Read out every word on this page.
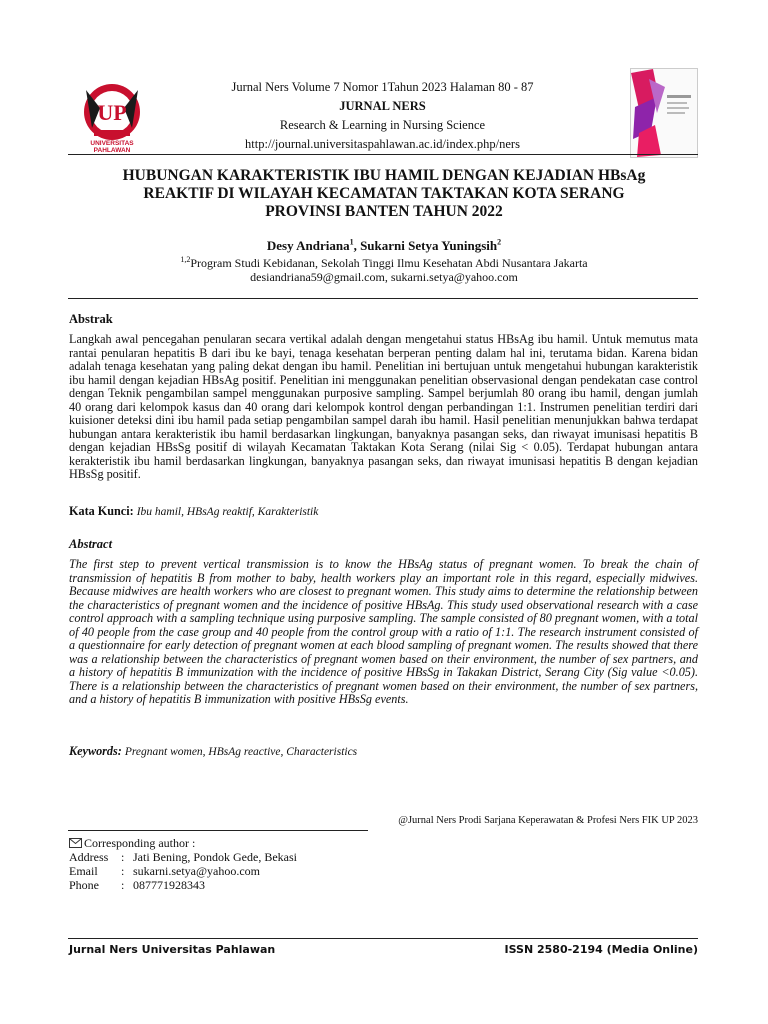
UP
UNIVERSITAS PAHLAWAN
Jurnal Ners Volume 7 Nomor 1Tahun 2023 Halaman 80 - 87
JURNAL NERS
Research & Learning in Nursing Science
http://journal.universitaspahlawan.ac.id/index.php/ners
HUBUNGAN KARAKTERISTIK IBU HAMIL DENGAN KEJADIAN HBsAg
REAKTIF DI WILAYAH KECAMATAN TAKTAKAN KOTA SERANG
PROVINSI BANTEN TAHUN 2022
Desy Andriana$^1$, Sukarni Setya Yuningsih$^2$
$^{1,2}$Program Studi Kebidanan, Sekolah Tinggi Ilmu Kesehatan Abdi Nusantara Jakarta
desiandriana59@gmail.com, sukarni.setya@yahoo.com
Abstrak
Langkah awal pencegahan penularan secara vertikal adalah dengan mengetahui status HBsAg ibu hamil. Untuk memutus mata rantai penularan hepatitis B dari ibu ke bayi, tenaga kesehatan berperan penting dalam hal ini, terutama bidan. Karena bidan adalah tenaga kesehatan yang paling dekat dengan ibu hamil. Penelitian ini bertujuan untuk mengetahui hubungan karakteristik ibu hamil dengan kejadian HBsAg positif. Penelitian ini menggunakan penelitian observasional dengan pendekatan case control dengan Teknik pengambilan sampel menggunakan purposive sampling. Sampel berjumlah 80 orang ibu hamil, dengan jumlah 40 orang dari kelompok kasus dan 40 orang dari kelompok kontrol dengan perbandingan 1:1. Instrumen penelitian terdiri dari kuisioner deteksi dini ibu hamil pada setiap pengambilan sampel darah ibu hamil. Hasil penelitian menunjukkan bahwa terdapat hubungan antara kerakteristik ibu hamil berdasarkan lingkungan, banyaknya pasangan seks, dan riwayat imunisasi hepatitis B dengan kejadian HBsSg positif di wilayah Kecamatan Taktakan Kota Serang (nilai Sig < 0.05). Terdapat hubungan antara kerakteristik ibu hamil berdasarkan lingkungan, banyaknya pasangan seks, dan riwayat imunisasi hepatitis B dengan kejadian HBsSg positif.
Kata Kunci: Ibu hamil, HBsAg reaktif, Karakteristik
Abstract
The first step to prevent vertical transmission is to know the HBsAg status of pregnant women. To break the chain of transmission of hepatitis B from mother to baby, health workers play an important role in this regard, especially midwives. Because midwives are health workers who are closest to pregnant women. This study aims to determine the relationship between the characteristics of pregnant women and the incidence of positive HBsAg. This study used observational research with a case control approach with a sampling technique using purposive sampling. The sample consisted of 80 pregnant women, with a total of 40 people from the case group and 40 people from the control group with a ratio of 1:1. The research instrument consisted of a questionnaire for early detection of pregnant women at each blood sampling of pregnant women. The results showed that there was a relationship between the characteristics of pregnant women based on their environment, the number of sex partners, and a history of hepatitis B immunization with the incidence of positive HBsSg in Takakan District, Serang City (Sig value <0.05). There is a relationship between the characteristics of pregnant women based on their environment, the number of sex partners, and a history of hepatitis B immunization with positive HBsSg events.
Keywords: Pregnant women, HBsAg reactive, Characteristics
@Jurnal Ners Prodi Sarjana Keperawatan & Profesi Ners FIK UP 2023
Corresponding author :
Address	: Jati Bening, Pondok Gede, Bekasi
Email	: sukarni.setya@yahoo.com
Phone	: 087771928343
Jurnal Ners Universitas Pahlawan	ISSN 2580-2194 (Media Online)
